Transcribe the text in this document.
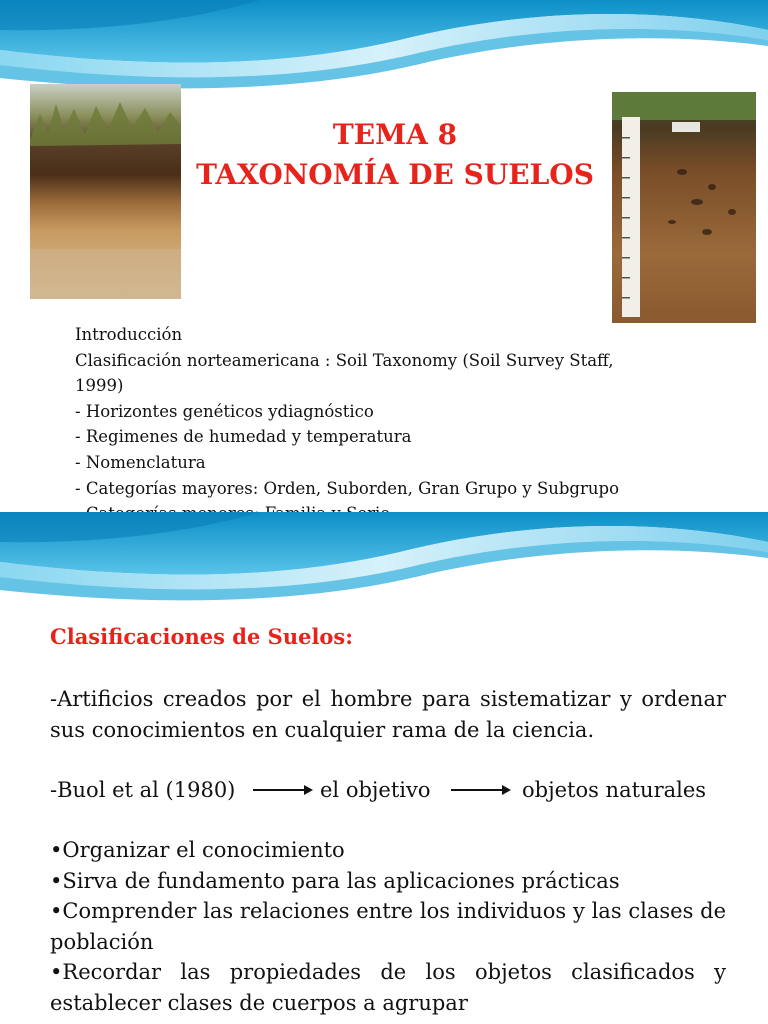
TEMA 8
TAXONOMÍA DE SUELOS
Introducción
Clasificación norteamericana : Soil Taxonomy (Soil Survey Staff,
1999)
- Horizontes genéticos ydiagnóstico
- Regimenes de humedad y temperatura
- Nomenclatura
- Categorías mayores: Orden, Suborden, Gran Grupo y Subgrupo
Clasificaciones de Suelos:
-Artificios creados por el hombre para sistematizar y ordenar sus conocimientos en cualquier rama de la ciencia.
-Buol et al (1980)	el objetivo	objetos naturales
•Organizar el conocimiento
•Sirva de fundamento para las aplicaciones prácticas
•Comprender las relaciones entre los individuos y las clases de población
•Recordar las propiedades de los objetos clasificados y establecer clases de cuerpos a agrupar
